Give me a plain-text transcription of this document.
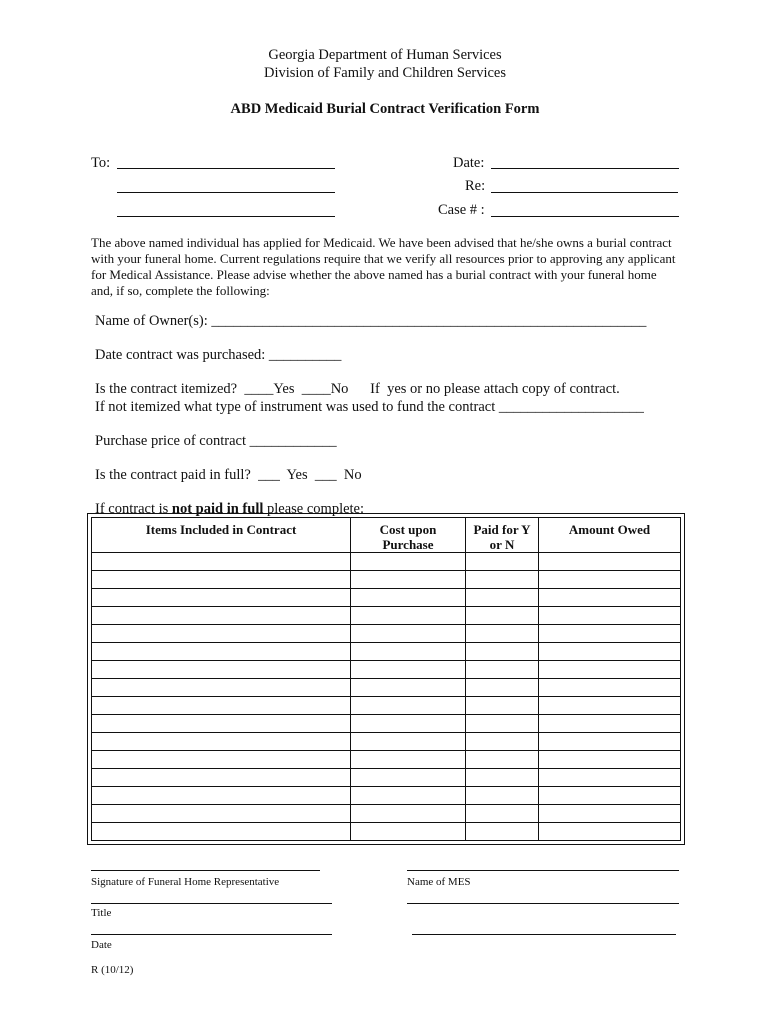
Georgia Department of Human Services
Division of Family and Children Services
ABD Medicaid Burial Contract Verification Form
To:	Date:
Re:
Case # :
The above named individual has applied for Medicaid. We have been advised that he/she owns a burial contract with your funeral home. Current regulations require that we verify all resources prior to approving any applicant for Medical Assistance. Please advise whether the above named has a burial contract with your funeral home and, if so, complete the following:
Name of Owner(s): ____________________________________________________________
Date contract was purchased: __________
Is the contract itemized?  ____Yes  ____No      If  yes or no please attach copy of contract.
If not itemized what type of instrument was used to fund the contract ____________________
Purchase price of contract ____________
Is the contract paid in full?  ___  Yes  ___  No
If contract is not paid in full please complete:
Items Included in Contract	Cost upon Purchase	Paid for Y or N	Amount Owed

Signature of Funeral Home Representative	Name of MES
Title
Date
R (10/12)
